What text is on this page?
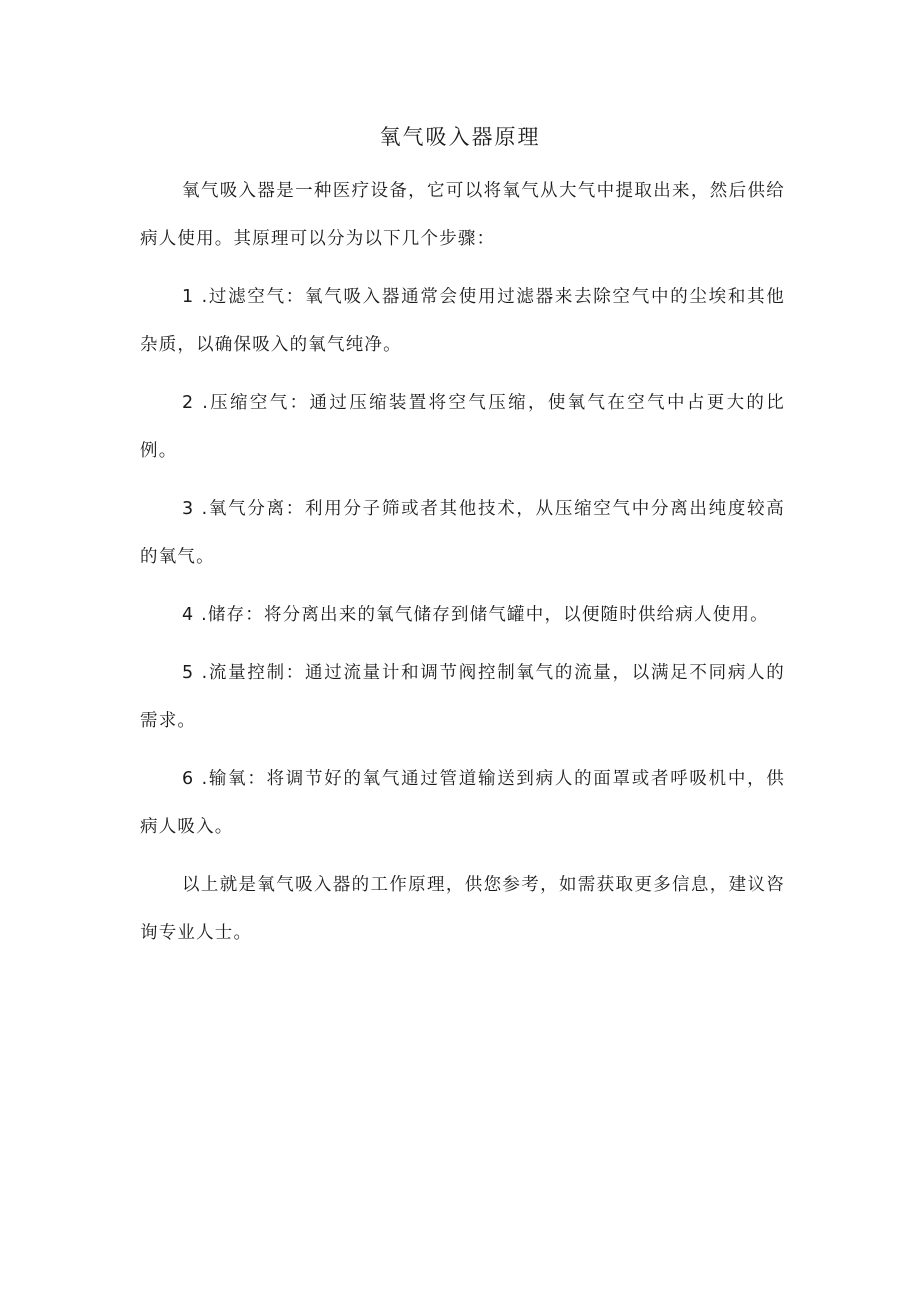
氧气吸入器原理

氧气吸入器是一种医疗设备，它可以将氧气从大气中提取出来，然后供给病人使用。其原理可以分为以下几个步骤：

1 .过滤空气：氧气吸入器通常会使用过滤器来去除空气中的尘埃和其他杂质，以确保吸入的氧气纯净。

2 .压缩空气：通过压缩装置将空气压缩，使氧气在空气中占更大的比例。

3 .氧气分离：利用分子筛或者其他技术，从压缩空气中分离出纯度较高的氧气。

4 .储存：将分离出来的氧气储存到储气罐中，以便随时供给病人使用。

5 .流量控制：通过流量计和调节阀控制氧气的流量，以满足不同病人的需求。

6 .输氧：将调节好的氧气通过管道输送到病人的面罩或者呼吸机中，供病人吸入。

以上就是氧气吸入器的工作原理，供您参考，如需获取更多信息，建议咨询专业人士。
